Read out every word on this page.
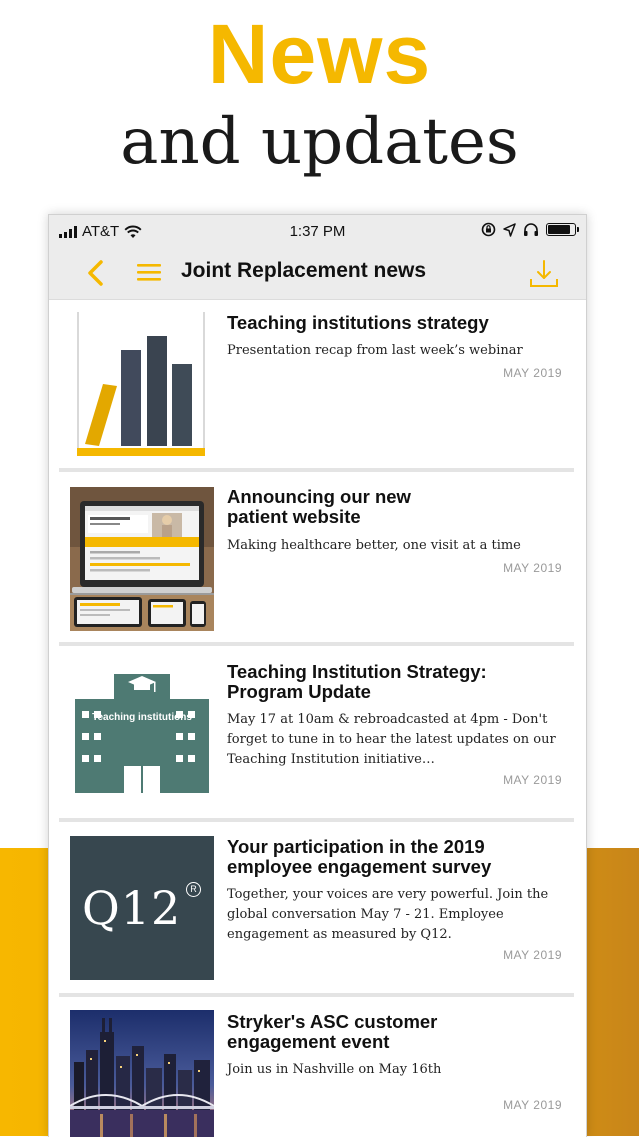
News
and updates
AT&T	1:37 PM
Joint Replacement news
Teaching institutions strategy
Presentation recap from last week’s webinar
MAY 2019
Announcing our new patient website
Making healthcare better, one visit at a time
MAY 2019
Teaching institutions
Teaching Institution Strategy: Program Update
May 17 at 10am & rebroadcasted at 4pm - Don't forget to tune in to hear the latest updates on our Teaching Institution initiative…
MAY 2019
Q12	R
Your participation in the 2019 employee engagement survey
Together, your voices are very powerful. Join the global conversation May 7 - 21. Employee engagement as measured by Q12.
MAY 2019
Stryker's ASC customer engagement event
Join us in Nashville on May 16th
MAY 2019
